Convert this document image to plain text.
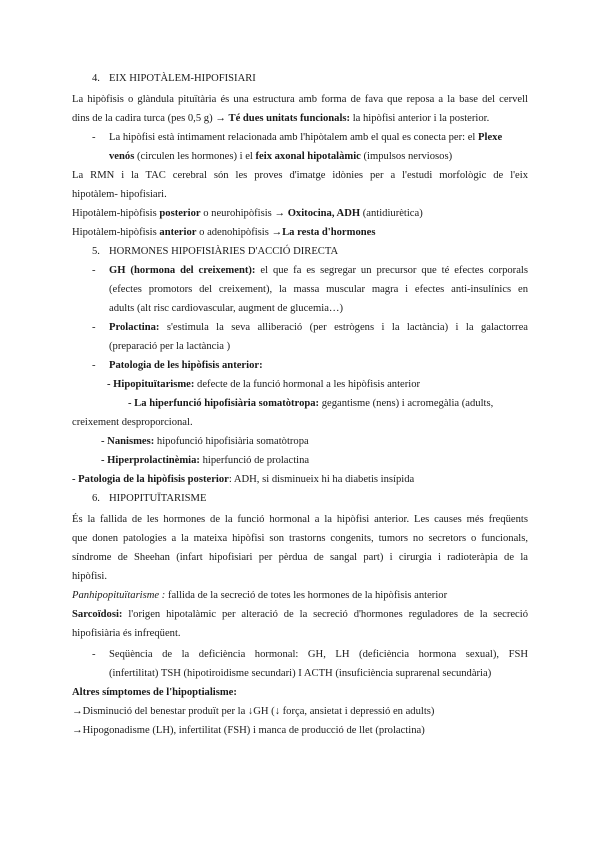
4. EIX HIPOTÀLEM-HIPOFISIARI
La hipòfisis o glàndula pituïtària és una estructura amb forma de fava que reposa a la base del cervell
dins de la cadira turca (pes 0,5 g) → Té dues unitats funcionals: la hipòfisi anterior i la posterior.
- La hipòfisi està íntimament relacionada amb l'hipòtalem amb el qual es conecta per: el Plexe
venós (circulen les hormones) i el feix axonal hipotalàmic (impulsos nerviosos)
La RMN i la TAC cerebral són les proves d'imatge idònies per a l'estudi morfològic de l'eix
hipotàlem- hipofisiari.
Hipotàlem-hipòfisis posterior o neurohipòfisis → Oxitocina, ADH (antidiurètica)
Hipotàlem-hipòfisis anterior o adenohipòfisis →La resta d'hormones
5. HORMONES HIPOFISIÀRIES D'ACCIÓ DIRECTA
- GH (hormona del creixement): el que fa es segregar un precursor que té efectes corporals
(efectes promotors del creixement), la massa muscular magra i efectes anti-insulínics en
adults (alt risc cardiovascular, augment de glucemia…)
- Prolactina: s'estimula la seva alliberació (per estrògens i la lactància) i la galactorrea
(preparació per la lactància )
- Patologia de les hipòfisis anterior:
- Hipopituïtarisme: defecte de la funció hormonal a les hipòfisis anterior
- La hiperfunció hipofisiària somatòtropa: gegantisme (nens) i acromegàlia (adults,
creixement desproporcional.
- Nanismes: hipofunció hipofisiària somatòtropa
- Hiperprolactinèmia: hiperfunció de prolactina
- Patologia de la hipòfisis posterior: ADH, si disminueix hi ha diabetis insípida
6. HIPOPITUÏTARISME
És la fallida de les hormones de la funció hormonal a la hipòfisi anterior. Les causes més freqüents
que donen patologies a la mateixa hipòfisi son trastorns congenits, tumors no secretors o funcionals,
síndrome de Sheehan (infart hipofisiari per pèrdua de sangal part) i cirurgia i radioteràpia de la
hipòfisi.
Panhipopituïtarisme : fallida de la secreció de totes les hormones de la hipòfisis anterior
Sarcoïdosi: l'origen hipotalàmic per alteració de la secreció d'hormones reguladores de la secreció
hipofisiària és infreqüent.
- Seqüència de la deficiència hormonal: GH, LH (deficiència hormona sexual), FSH
(infertilitat) TSH (hipotiroidisme secundari) I ACTH (insuficiència suprarenal secundària)
Altres símptomes de l'hipoptialisme:
→Disminució del benestar produït per la ↓GH (↓ força, ansietat i depressió en adults)
→Hipogonadisme (LH), infertilitat (FSH) i manca de producció de llet (prolactina)
